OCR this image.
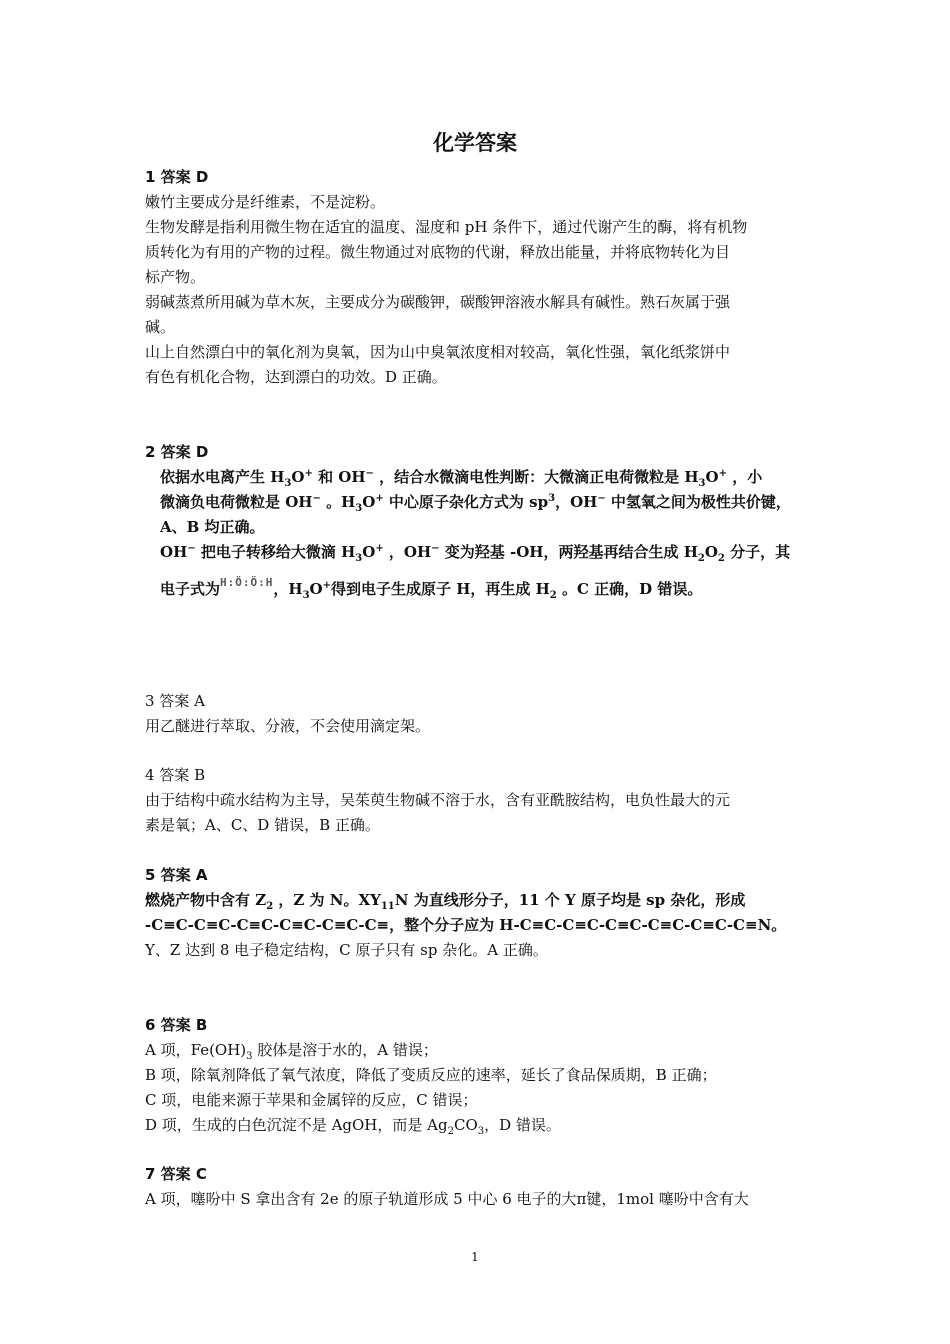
化学答案
1 答案 D
嫩竹主要成分是纤维素，不是淀粉。
生物发酵是指利用微生物在适宜的温度、湿度和 pH 条件下，通过代谢产生的酶，将有机物
质转化为有用的产物的过程。微生物通过对底物的代谢，释放出能量，并将底物转化为目
标产物。
弱碱蒸煮所用碱为草木灰，主要成分为碳酸钾，碳酸钾溶液水解具有碱性。熟石灰属于强
碱。
山上自然漂白中的氧化剂为臭氧，因为山中臭氧浓度相对较高，氧化性强，氧化纸浆饼中
有色有机化合物，达到漂白的功效。D 正确。
2 答案 D
依据水电离产生 $H_3O^+$ 和 OH− ，结合水微滴电性判断：大微滴正电荷微粒是 $H_3O^+$ ，小
微滴负电荷微粒是 OH− 。$H_3O^+$ 中心原子杂化方式为 $sp^3$，OH− 中氢氧之间为极性共价键，
A、B 均正确。
OH− 把电子转移给大微滴 $H_3O^+$ ，OH− 变为羟基 -OH，两羟基再结合生成 $H_2O_2$ 分子，其
电子式为H:Ö:Ö:H，$H_3O^+$得到电子生成原子 H，再生成 $H_2$ 。C 正确，D 错误。
3 答案 A
用乙醚进行萃取、分液，不会使用滴定架。
4 答案 B
由于结构中疏水结构为主导，吴茱萸生物碱不溶于水，含有亚酰胺结构，电负性最大的元
素是氧；A、C、D 错误，B 正确。
5 答案 A
燃烧产物中含有 $Z_2$ ，Z 为 N。$XY_{11}N$ 为直线形分子，11 个 Y 原子均是 sp 杂化，形成
-C≡C-C≡C-C≡C-C≡C-C≡C-C≡，整个分子应为 H-C≡C-C≡C-C≡C-C≡C-C≡C-C≡N。
Y、Z 达到 8 电子稳定结构，C 原子只有 sp 杂化。A 正确。
6 答案 B
A 项，$Fe(OH)_3$ 胶体是溶于水的，A 错误；
B 项，除氧剂降低了氧气浓度，降低了变质反应的速率，延长了食品保质期，B 正确；
C 项，电能来源于苹果和金属锌的反应，C 错误；
D 项，生成的白色沉淀不是 AgOH，而是 $Ag_2CO_3$，D 错误。
7 答案 C
A 项，噻吩中 S 拿出含有 2e 的原子轨道形成 5 中心 6 电子的大π键，1mol 噻吩中含有大
1
